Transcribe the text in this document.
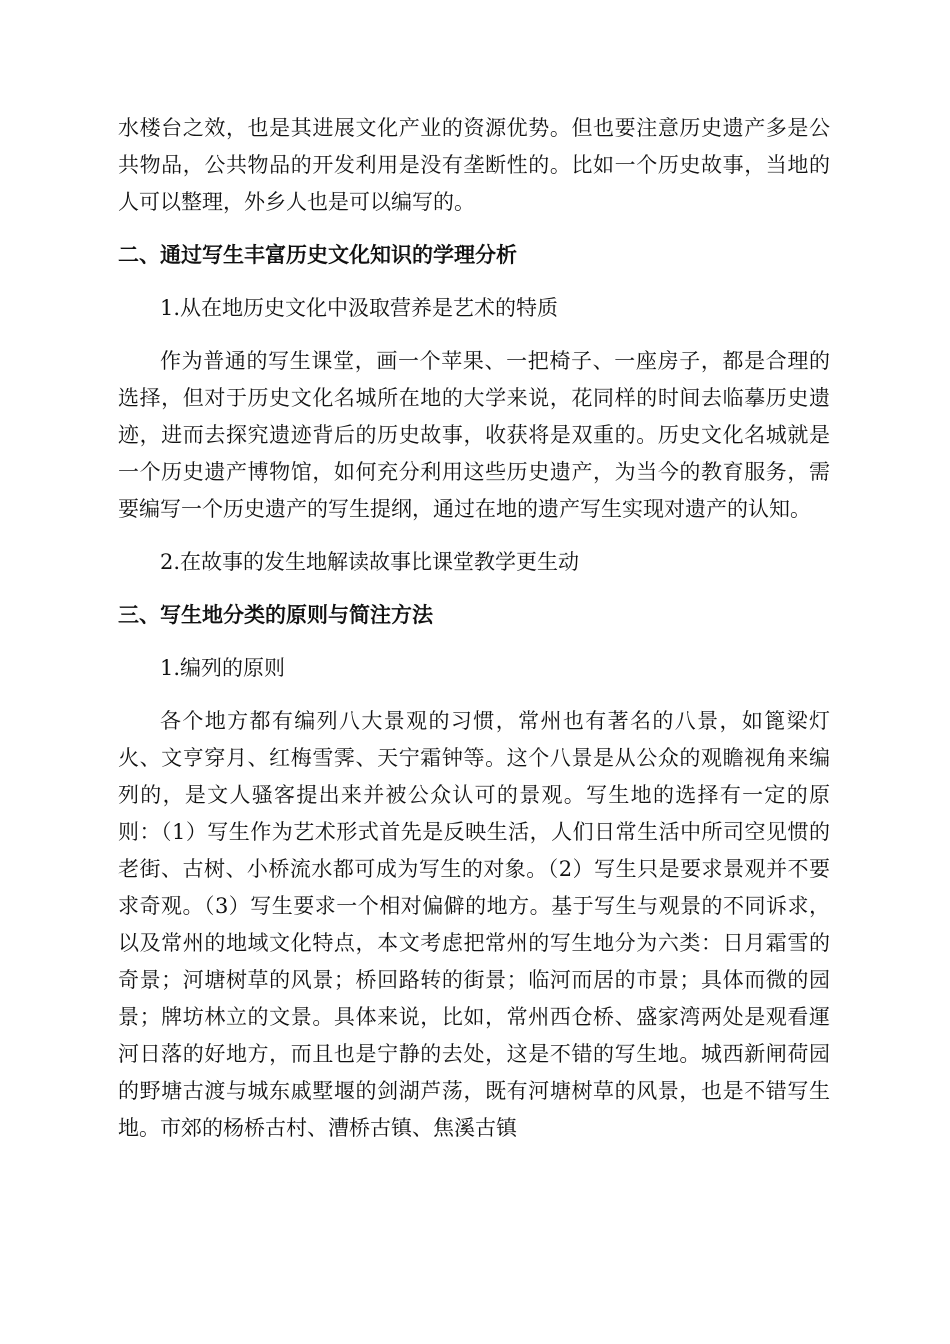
水楼台之效，也是其进展文化产业的资源优势。但也要注意历史遗产多是公共物品，公共物品的开发利用是没有垄断性的。比如一个历史故事，当地的人可以整理，外乡人也是可以编写的。

二、通过写生丰富历史文化知识的学理分析

1.从在地历史文化中汲取营养是艺术的特质

作为普通的写生课堂，画一个苹果、一把椅子、一座房子，都是合理的选择，但对于历史文化名城所在地的大学来说，花同样的时间去临摹历史遗迹，进而去探究遗迹背后的历史故事，收获将是双重的。历史文化名城就是一个历史遗产博物馆，如何充分利用这些历史遗产，为当今的教育服务，需要编写一个历史遗产的写生提纲，通过在地的遗产写生实现对遗产的认知。

2.在故事的发生地解读故事比课堂教学更生动

三、写生地分类的原则与简注方法

1.编列的原则

各个地方都有编列八大景观的习惯，常州也有著名的八景，如篦梁灯火、文亨穿月、红梅雪霁、天宁霜钟等。这个八景是从公众的观瞻视角来编列的，是文人骚客提出来并被公众认可的景观。写生地的选择有一定的原则：（1）写生作为艺术形式首先是反映生活，人们日常生活中所司空见惯的老街、古树、小桥流水都可成为写生的对象。（2）写生只是要求景观并不要求奇观。（3）写生要求一个相对偏僻的地方。基于写生与观景的不同诉求，以及常州的地域文化特点，本文考虑把常州的写生地分为六类：日月霜雪的奇景；河塘树草的风景；桥回路转的街景；临河而居的市景；具体而微的园景；牌坊林立的文景。具体来说，比如，常州西仓桥、盛家湾两处是观看運河日落的好地方，而且也是宁静的去处，这是不错的写生地。城西新闸荷园的野塘古渡与城东戚墅堰的剑湖芦荡，既有河塘树草的风景，也是不错写生地。市郊的杨桥古村、漕桥古镇、焦溪古镇
